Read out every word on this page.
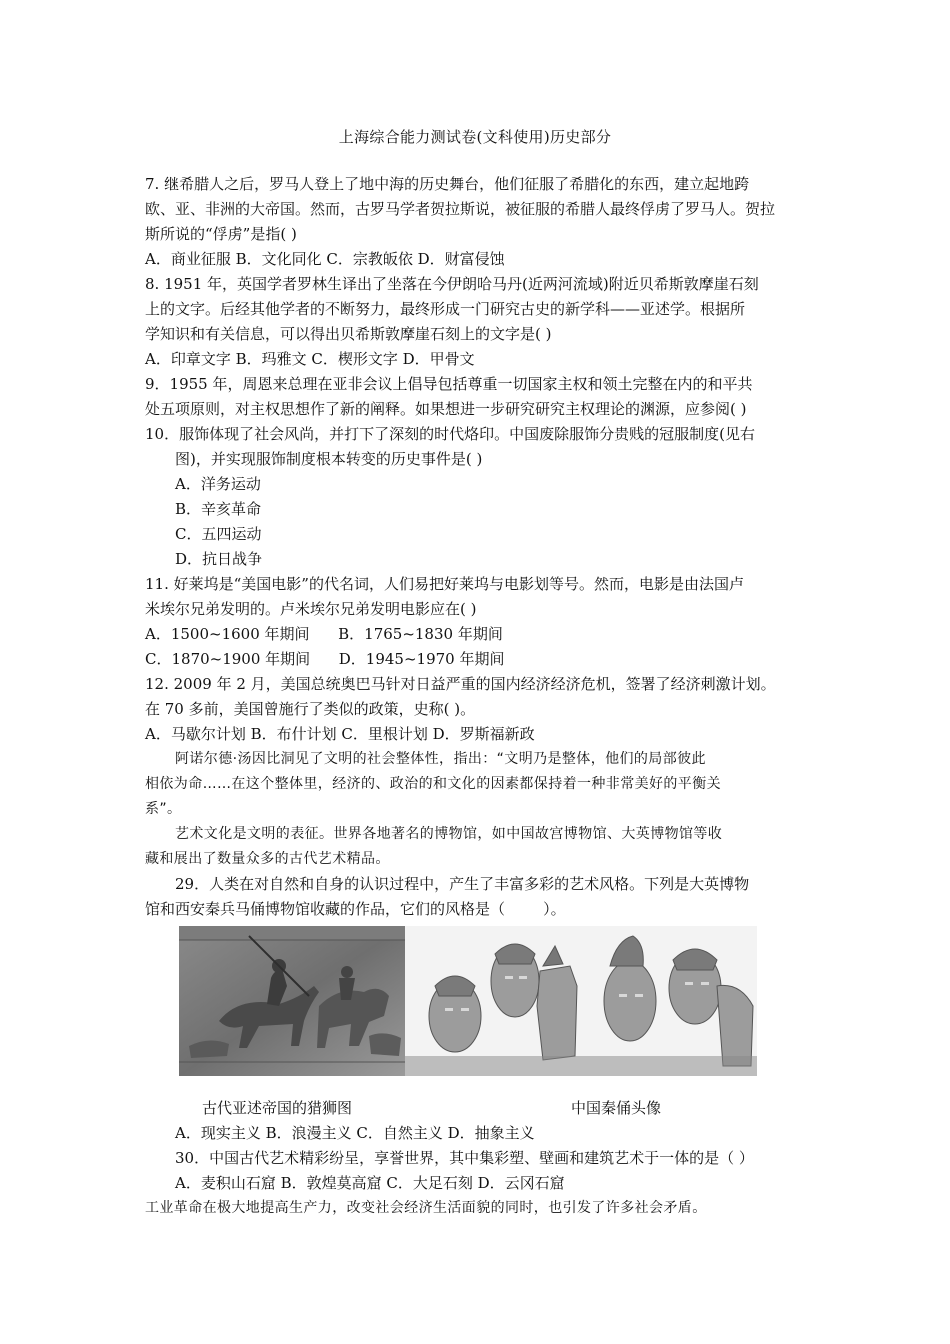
上海综合能力测试卷(文科使用)历史部分
7. 继希腊人之后，罗马人登上了地中海的历史舞台，他们征服了希腊化的东西，建立起地跨
欧、亚、非洲的大帝国。然而，古罗马学者贺拉斯说，被征服的希腊人最终俘虏了罗马人。贺拉
斯所说的“俘虏”是指( )
A．商业征服 B．文化同化 C．宗教皈依 D．财富侵蚀
8. 1951 年，英国学者罗林生译出了坐落在今伊朗哈马丹(近两河流域)附近贝希斯敦摩崖石刻
上的文字。后经其他学者的不断努力，最终形成一门研究古史的新学科——亚述学。根据所
学知识和有关信息，可以得出贝希斯敦摩崖石刻上的文字是( )
A．印章文字 B．玛雅文 C．楔形文字 D．甲骨文
9．1955 年，周恩来总理在亚非会议上倡导包括尊重一切国家主权和领土完整在内的和平共
处五项原则，对主权思想作了新的阐释。如果想进一步研究研究主权理论的渊源，应参阅( )
10．服饰体现了社会风尚，并打下了深刻的时代烙印。中国废除服饰分贵贱的冠服制度(见右
图)，并实现服饰制度根本转变的历史事件是( )
A．洋务运动
B．辛亥革命
C．五四运动
D．抗日战争
11. 好莱坞是“美国电影”的代名词，人们易把好莱坞与电影划等号。然而，电影是由法国卢
米埃尔兄弟发明的。卢米埃尔兄弟发明电影应在( )
A．1500~1600 年期间      B．1765~1830 年期间
C．1870~1900 年期间      D．1945~1970 年期间
12. 2009 年 2 月，美国总统奥巴马针对日益严重的国内经济经济危机，签署了经济刺激计划。
在 70 多前，美国曾施行了类似的政策，史称( )。
A．马歇尔计划 B．布什计划 C．里根计划 D．罗斯福新政
阿诺尔德·汤因比洞见了文明的社会整体性，指出：“文明乃是整体，他们的局部彼此
相依为命……在这个整体里，经济的、政治的和文化的因素都保持着一种非常美好的平衡关
系”。
艺术文化是文明的表征。世界各地著名的博物馆，如中国故宫博物馆、大英博物馆等收
藏和展出了数量众多的古代艺术精品。
29．人类在对自然和自身的认识过程中，产生了丰富多彩的艺术风格。下列是大英博物
馆和西安秦兵马俑博物馆收藏的作品，它们的风格是（        ）。
古代亚述帝国的猎狮图	中国秦俑头像
A．现实主义 B．浪漫主义 C．自然主义 D．抽象主义
30．中国古代艺术精彩纷呈，享誉世界，其中集彩塑、壁画和建筑艺术于一体的是（ ）
A．麦积山石窟 B．敦煌莫高窟 C．大足石刻 D．云冈石窟
工业革命在极大地提高生产力，改变社会经济生活面貌的同时，也引发了许多社会矛盾。
